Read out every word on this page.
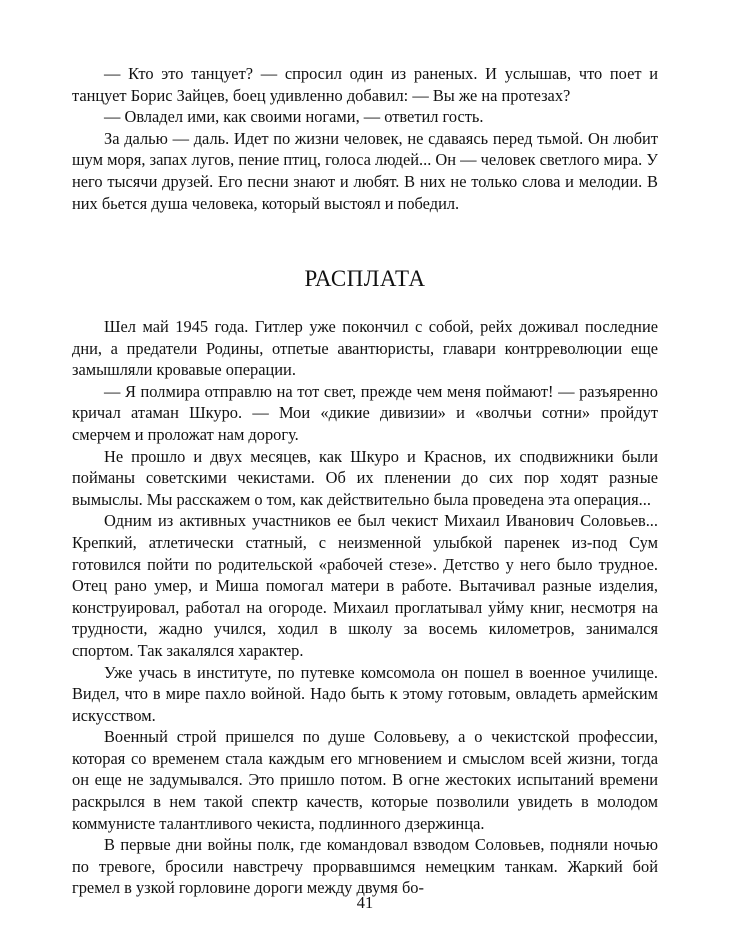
— Кто это танцует? — спросил один из раненых. И услышав, что поет и танцует Борис Зайцев, боец удивленно добавил: — Вы же на протезах?

— Овладел ими, как своими ногами, — ответил гость.

За далью — даль. Идет по жизни человек, не сдаваясь перед тьмой. Он любит шум моря, запах лугов, пение птиц, голоса людей... Он — человек светлого мира. У него тысячи друзей. Его песни знают и любят. В них не только слова и мелодии. В них бьется душа человека, который выстоял и победил.

РАСПЛАТА

Шел май 1945 года. Гитлер уже покончил с собой, рейх доживал последние дни, а предатели Родины, отпетые авантюристы, главари контрреволюции еще замышляли кровавые операции.

— Я полмира отправлю на тот свет, прежде чем меня поймают! — разъяренно кричал атаман Шкуро. — Мои «дикие дивизии» и «волчьи сотни» пройдут смерчем и проложат нам дорогу.

Не прошло и двух месяцев, как Шкуро и Краснов, их сподвижники были пойманы советскими чекистами. Об их пленении до сих пор ходят разные вымыслы. Мы расскажем о том, как действительно была проведена эта операция...

Одним из активных участников ее был чекист Михаил Иванович Соловьев... Крепкий, атлетически статный, с неизменной улыбкой паренек из-под Сум готовился пойти по родительской «рабочей стезе». Детство у него было трудное. Отец рано умер, и Миша помогал матери в работе. Вытачивал разные изделия, конструировал, работал на огороде. Михаил проглатывал уйму книг, несмотря на трудности, жадно учился, ходил в школу за восемь километров, занимался спортом. Так закалялся характер.

Уже учась в институте, по путевке комсомола он пошел в военное училище. Видел, что в мире пахло войной. Надо быть к этому готовым, овладеть армейским искусством.

Военный строй пришелся по душе Соловьеву, а о чекистской профессии, которая со временем стала каждым его мгновением и смыслом всей жизни, тогда он еще не задумывался. Это пришло потом. В огне жестоких испытаний времени раскрылся в нем такой спектр качеств, которые позволили увидеть в молодом коммунисте талантливого чекиста, подлинного дзержинца.

В первые дни войны полк, где командовал взводом Соловьев, подняли ночью по тревоге, бросили навстречу прорвавшимся немецким танкам. Жаркий бой гремел в узкой горловине дороги между двумя бо-

41
